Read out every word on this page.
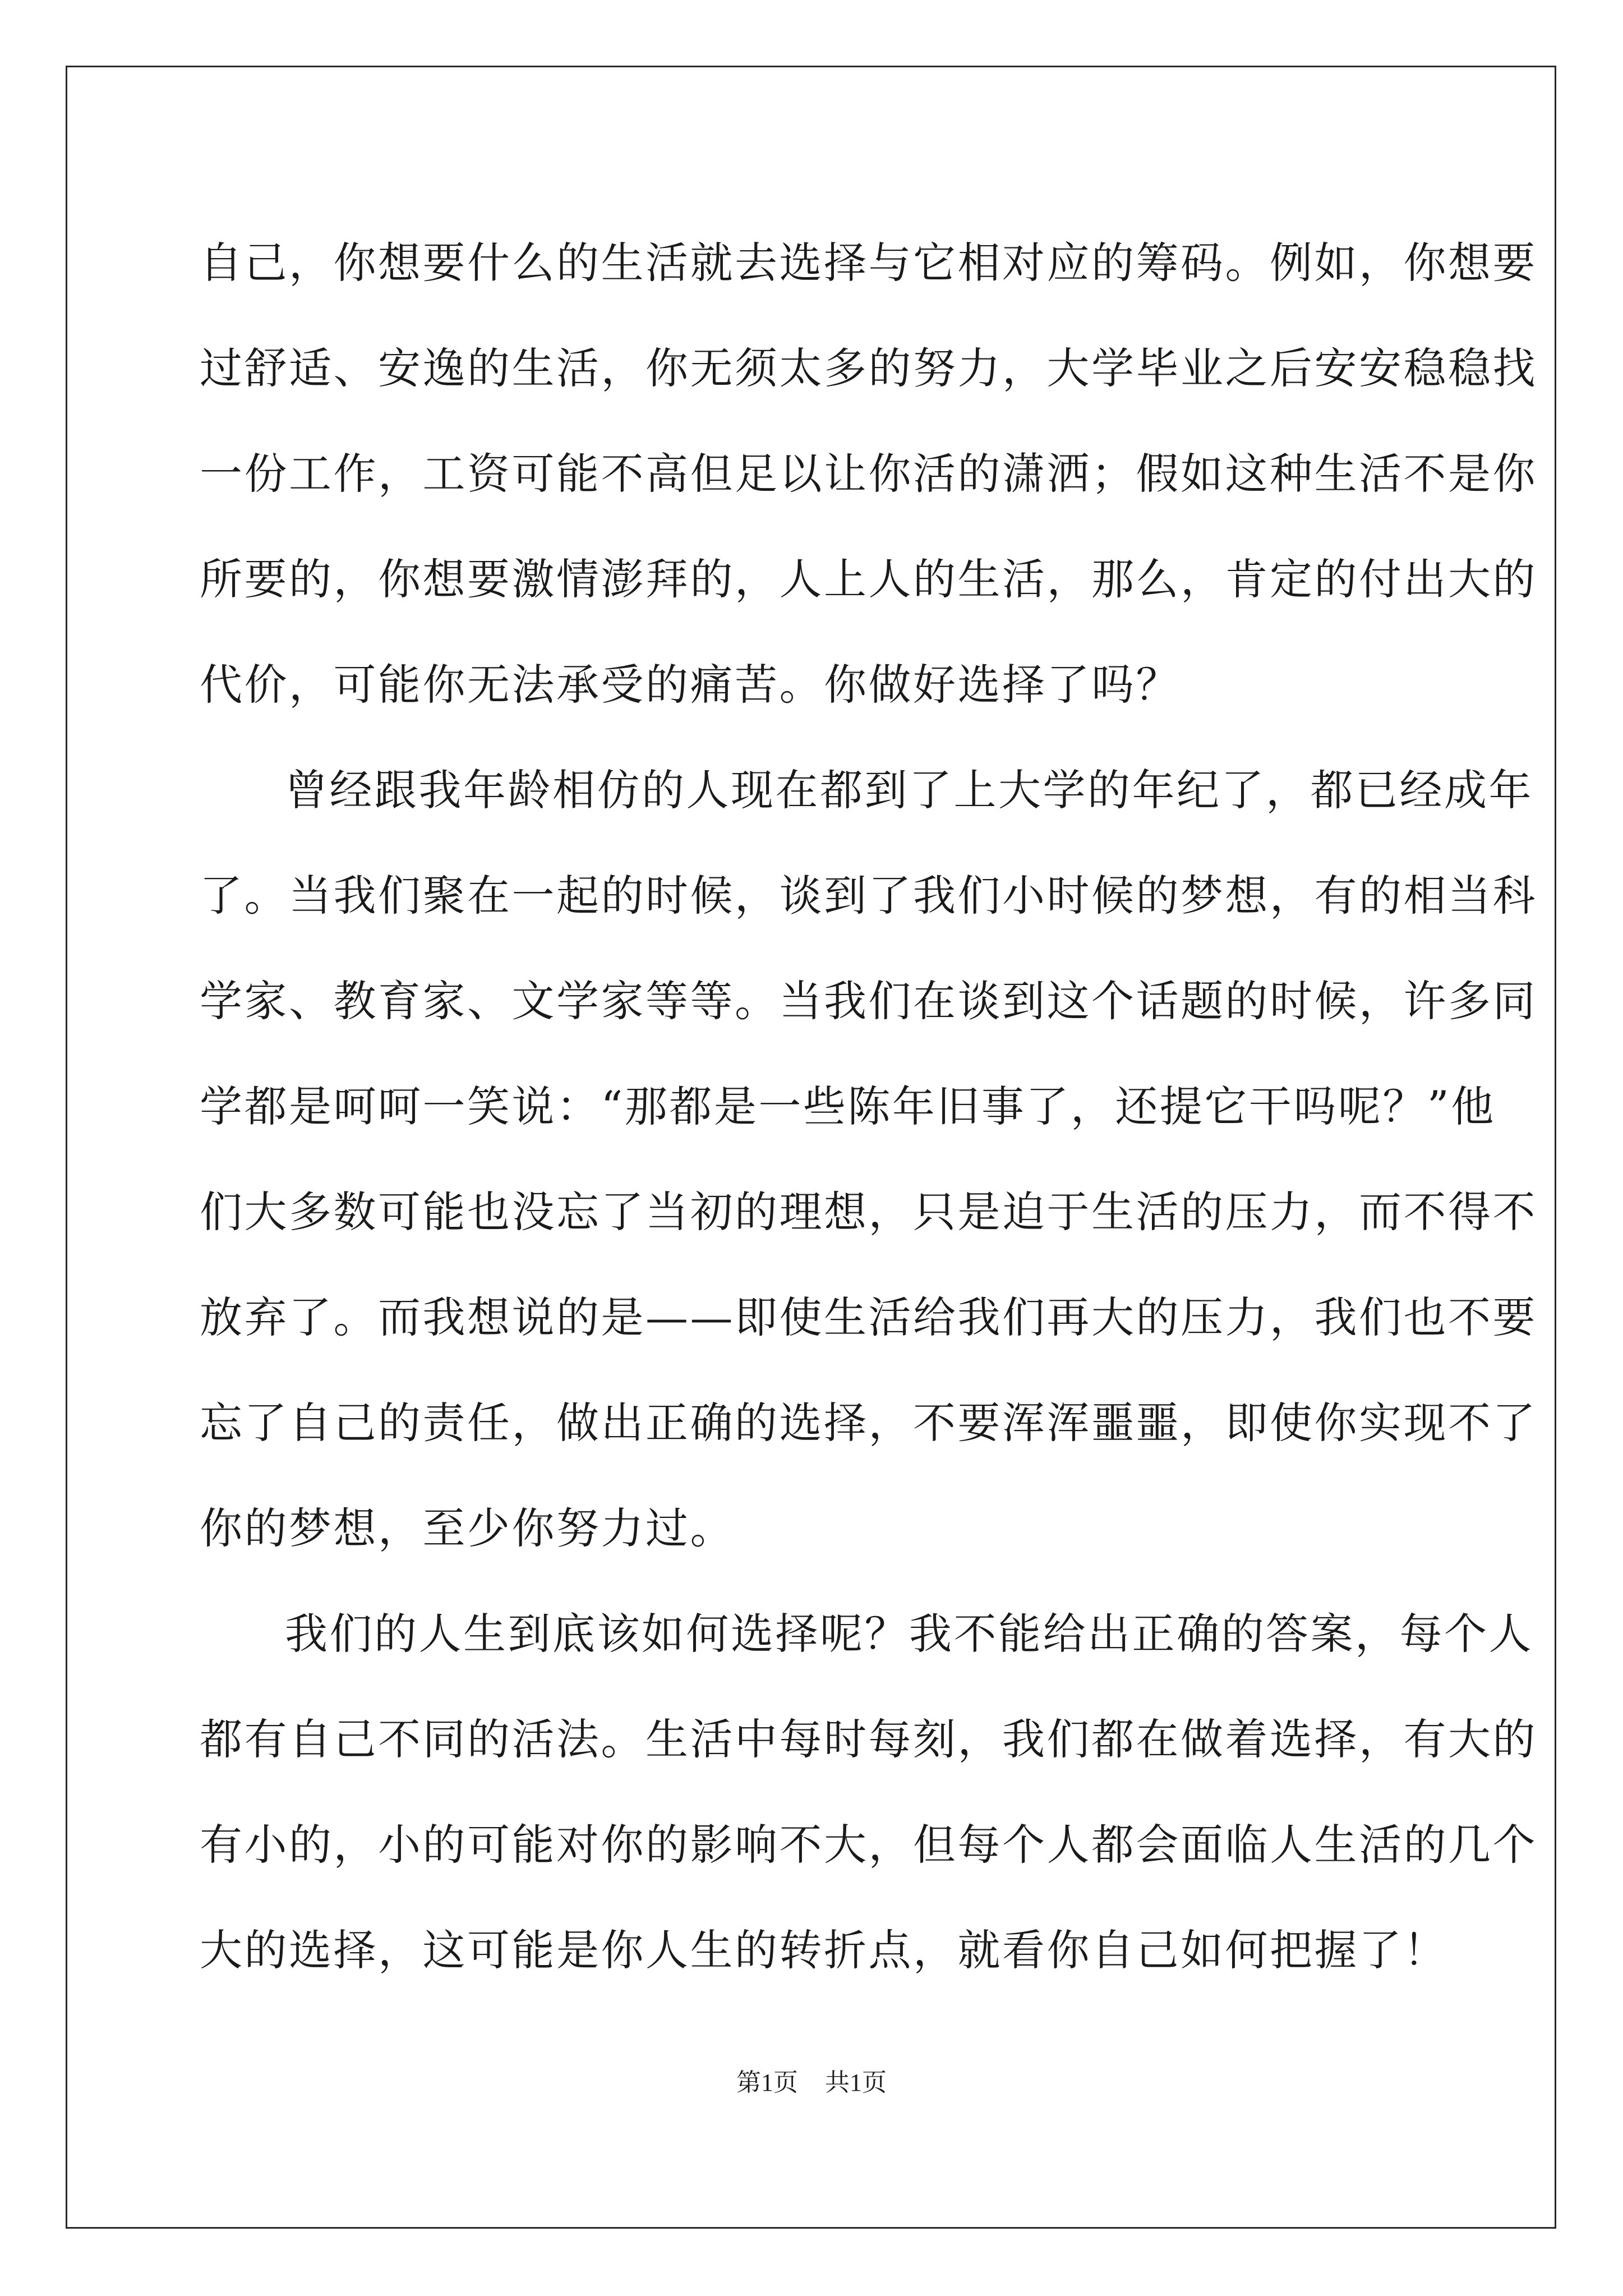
自己，你想要什么的生活就去选择与它相对应的筹码。例如，你想要
过舒适、安逸的生活，你无须太多的努力，大学毕业之后安安稳稳找
一份工作，工资可能不高但足以让你活的潇洒；假如这种生活不是你
所要的，你想要激情澎拜的，人上人的生活，那么，肯定的付出大的
代价，可能你无法承受的痛苦。你做好选择了吗？
曾经跟我年龄相仿的人现在都到了上大学的年纪了，都已经成年
了。当我们聚在一起的时候，谈到了我们小时候的梦想，有的相当科
学家、教育家、文学家等等。当我们在谈到这个话题的时候，许多同
学都是呵呵一笑说：“那都是一些陈年旧事了，还提它干吗呢？”他
们大多数可能也没忘了当初的理想，只是迫于生活的压力，而不得不
放弃了。而我想说的是——即使生活给我们再大的压力，我们也不要
忘了自己的责任，做出正确的选择，不要浑浑噩噩，即使你实现不了
你的梦想，至少你努力过。
我们的人生到底该如何选择呢？我不能给出正确的答案，每个人
都有自己不同的活法。生活中每时每刻，我们都在做着选择，有大的
有小的，小的可能对你的影响不大，但每个人都会面临人生活的几个
大的选择，这可能是你人生的转折点，就看你自己如何把握了！
第1页 共1页
